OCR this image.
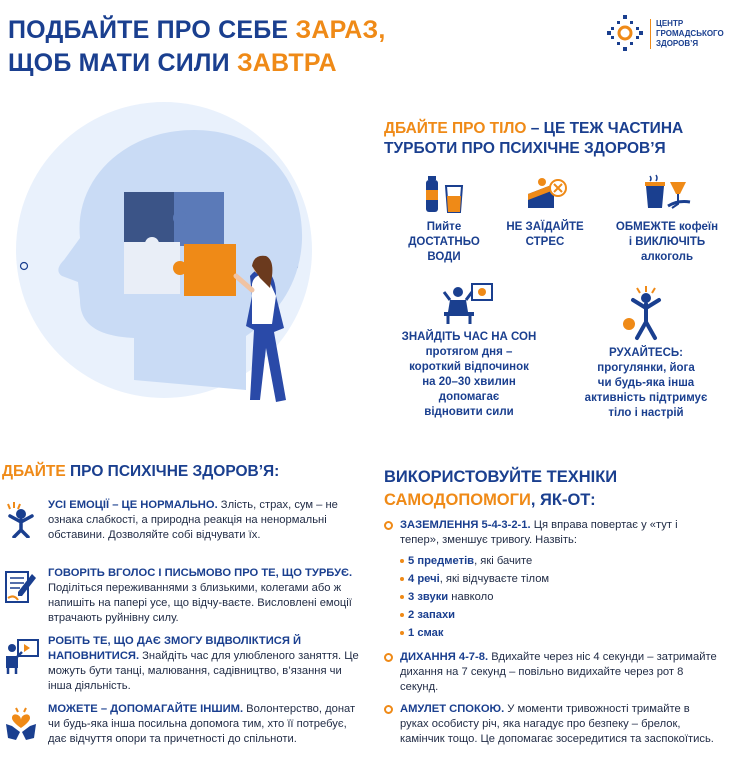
ПОДБАЙТЕ ПРО СЕБЕ ЗАРАЗ,
ЩОБ МАТИ СИЛИ ЗАВТРА
ЦЕНТР
ГРОМАДСЬКОГО
ЗДОРОВ’Я
ДБАЙТЕ ПРО ТІЛО – ЦЕ ТЕЖ ЧАСТИНА
ТУРБОТИ ПРО ПСИХІЧНЕ ЗДОРОВ’Я
Пийте
ДОСТАТНЬО
ВОДИ
НЕ ЗАЇДАЙТЕ
СТРЕС
ОБМЕЖТЕ кофеїн
і ВИКЛЮЧІТЬ
алкоголь
ЗНАЙДІТЬ ЧАС НА СОН
протягом дня –
короткий відпочинок
на 20–30 хвилин
допомагає
відновити сили
РУХАЙТЕСЬ:
прогулянки, йога
чи будь-яка інша
активність підтримує
тіло і настрій
ДБАЙТЕ ПРО ПСИХІЧНЕ ЗДОРОВ’Я:
УСІ ЕМОЦІЇ – ЦЕ НОРМАЛЬНО. Злість, страх, сум – не ознака слабкості, а природна реакція на ненормальні обставини. Дозволяйте собі відчувати їх.
ГОВОРІТЬ ВГОЛОС І ПИСЬМОВО ПРО ТЕ, ЩО ТУРБУЄ. Поділіться переживаннями з близькими, колегами або ж напишіть на папері усе, що вiдчу-ваєте. Висловлені емоції втрачають руйнівну силу.
РОБІТЬ ТЕ, ЩО ДАЄ ЗМОГУ ВІДВОЛІКТИСЯ Й НАПОВНИТИСЯ. Знайдіть час для улюбленого заняття. Це можуть бути танці, малювання, садівництво, в’язання чи інша діяльність.
МОЖЕТЕ – ДОПОМАГАЙТЕ ІНШИМ. Волонтерство, донат чи будь-яка інша посильна допомога тим, хто її потребує, дає відчуття опори та причетності до спільноти.
ВИКОРИСТОВУЙТЕ ТЕХНІКИ
САМОДОПОМОГИ, ЯК-ОТ:
ЗАЗЕМЛЕННЯ 5-4-3-2-1. Ця вправа повертає у «тут і тепер», зменшує тривогу. Назвіть:
5 предметів, які бачите
4 речі, які відчуваєте тілом
3 звуки навколо
2 запахи
1 смак
ДИХАННЯ 4-7-8. Вдихайте через ніс 4 секунди – затримайте дихання на 7 секунд – повільно видихайте через рот 8 секунд.
АМУЛЕТ СПОКОЮ. У моменти тривожності тримайте в руках особисту річ, яка нагадує про безпеку – брелок, камінчик тощо. Це допомагає зосередитися та заспокоїтись.
